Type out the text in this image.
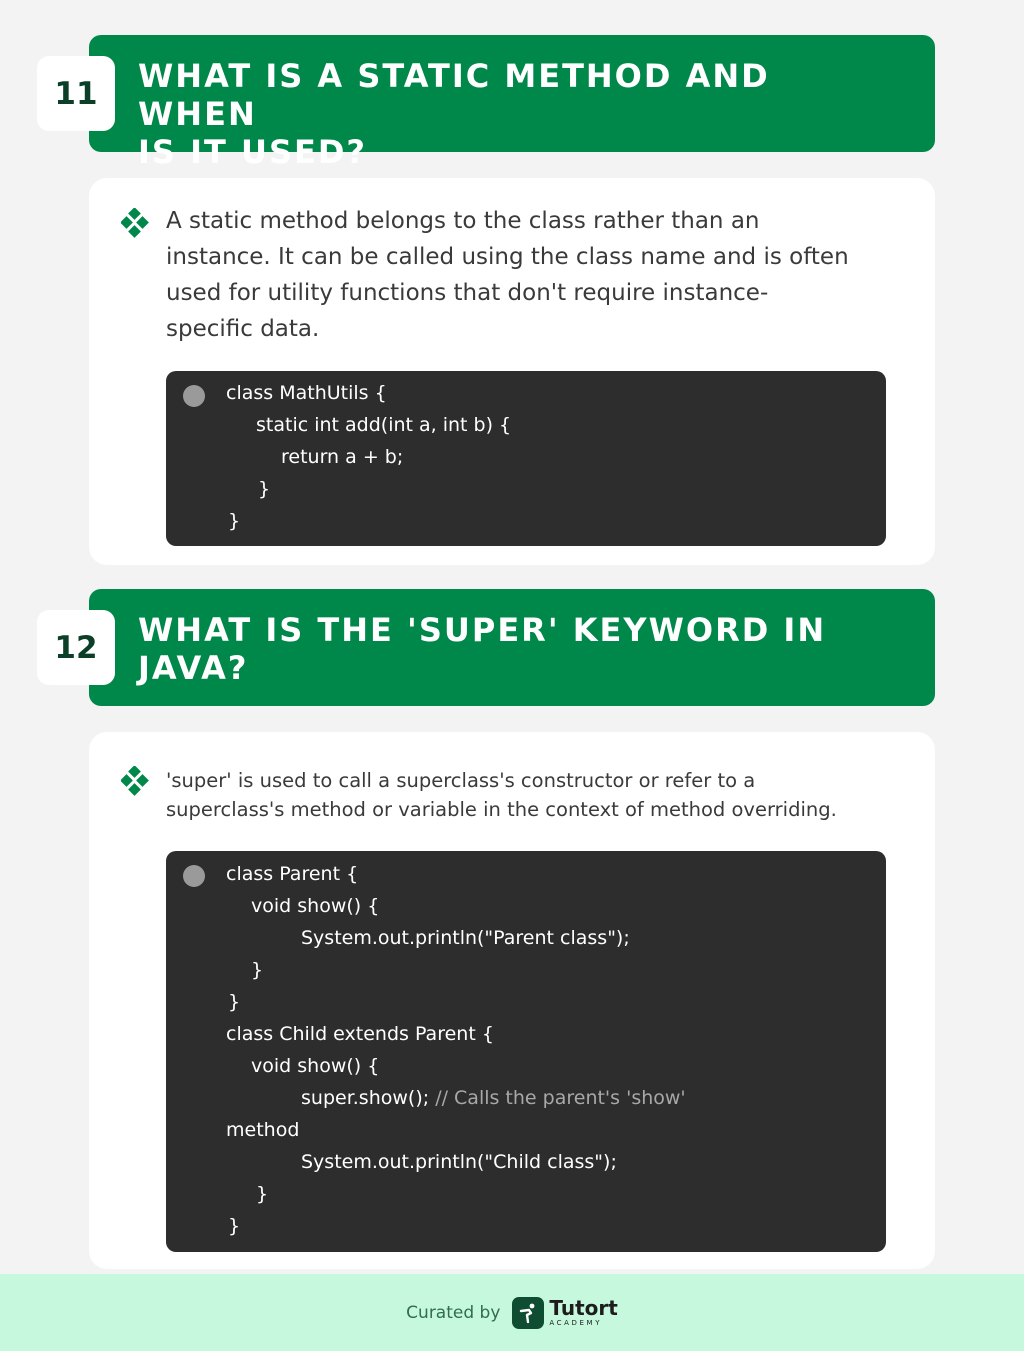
WHAT IS A STATIC METHOD AND WHEN
IS IT USED?
11
A static method belongs to the class rather than an
instance. It can be called using the class name and is often
used for utility functions that don't require instance-
specific data.
class MathUtils {
static int add(int a, int b) {
return a + b;
}
}
WHAT IS THE 'SUPER' KEYWORD IN
JAVA?
12
'super' is used to call a superclass's constructor or refer to a
superclass's method or variable in the context of method overriding.
class Parent {
void show() {
System.out.println("Parent class");
}
}
class Child extends Parent {
void show() {
super.show(); // Calls the parent's 'show'
method
System.out.println("Child class");
}
}
Curated by Tutort
ACADEMY
